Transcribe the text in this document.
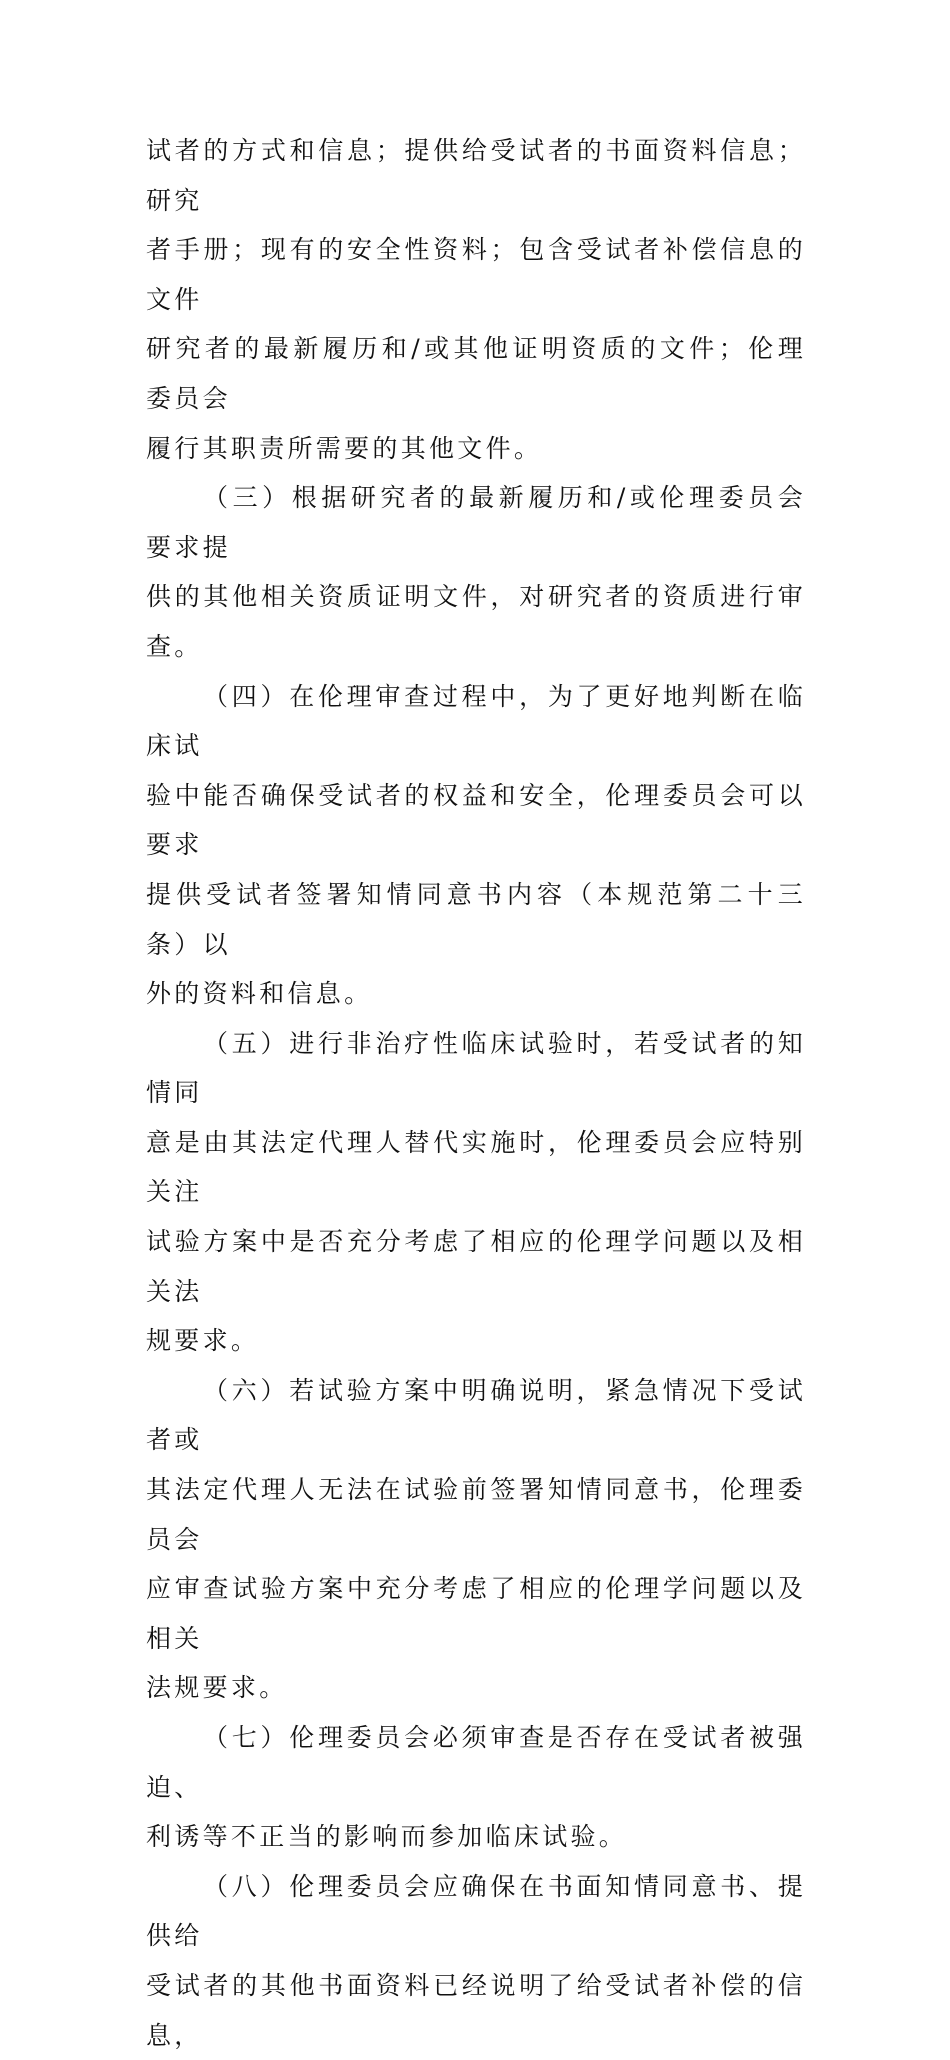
试者的方式和信息；提供给受试者的书面资料信息；研究
者手册；现有的安全性资料；包含受试者补偿信息的文件
研究者的最新履历和/或其他证明资质的文件；伦理委员会
履行其职责所需要的其他文件。
（三）根据研究者的最新履历和/或伦理委员会要求提
供的其他相关资质证明文件，对研究者的资质进行审查。
（四）在伦理审查过程中，为了更好地判断在临床试
验中能否确保受试者的权益和安全，伦理委员会可以要求
提供受试者签署知情同意书内容（本规范第二十三条）以
外的资料和信息。
（五）进行非治疗性临床试验时，若受试者的知情同
意是由其法定代理人替代实施时，伦理委员会应特别关注
试验方案中是否充分考虑了相应的伦理学问题以及相关法
规要求。
（六）若试验方案中明确说明，紧急情况下受试者或
其法定代理人无法在试验前签署知情同意书，伦理委员会
应审查试验方案中充分考虑了相应的伦理学问题以及相关
法规要求。
（七）伦理委员会必须审查是否存在受试者被强迫、
利诱等不正当的影响而参加临床试验。
（八）伦理委员会应确保在书面知情同意书、提供给
受试者的其他书面资料已经说明了给受试者补偿的信息，
